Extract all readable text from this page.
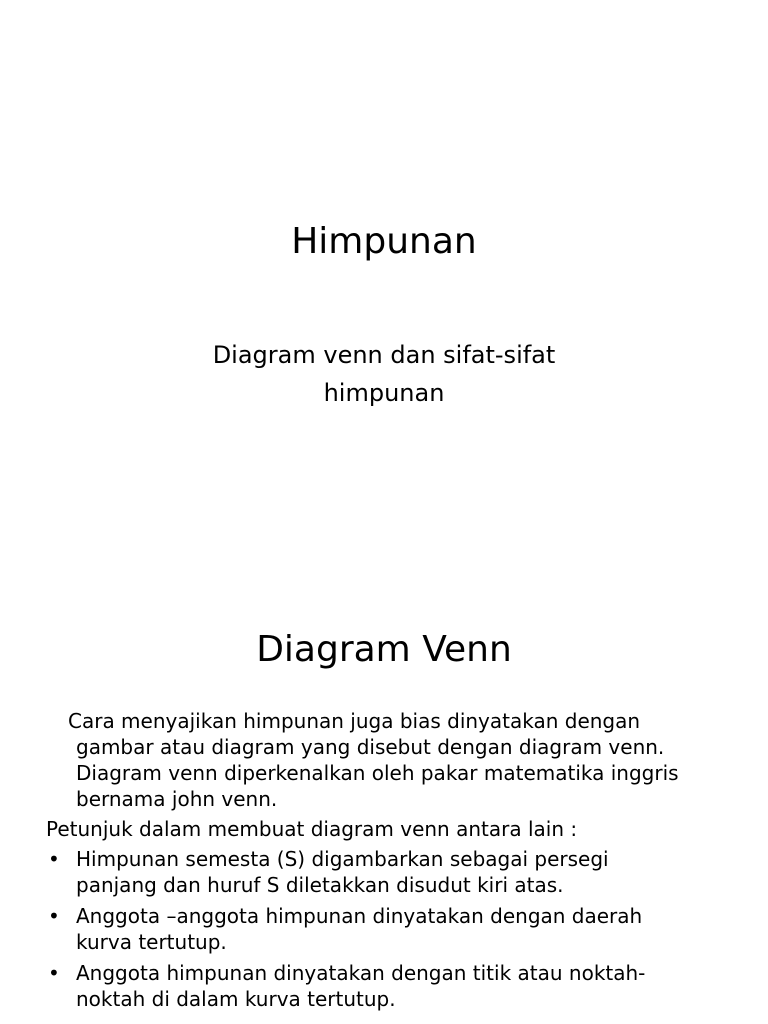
Himpunan
Diagram venn dan sifat-sifat
himpunan
Diagram Venn
Cara menyajikan himpunan juga bias dinyatakan dengan
gambar atau diagram yang disebut dengan diagram venn.
Diagram venn diperkenalkan oleh pakar matematika inggris
bernama john venn.
Petunjuk dalam membuat diagram venn antara lain :
• Himpunan semesta (S) digambarkan sebagai persegi
panjang dan huruf S diletakkan disudut kiri atas.
• Anggota –anggota himpunan dinyatakan dengan daerah
kurva tertutup.
• Anggota himpunan dinyatakan dengan titik atau noktah-
noktah di dalam kurva tertutup.
